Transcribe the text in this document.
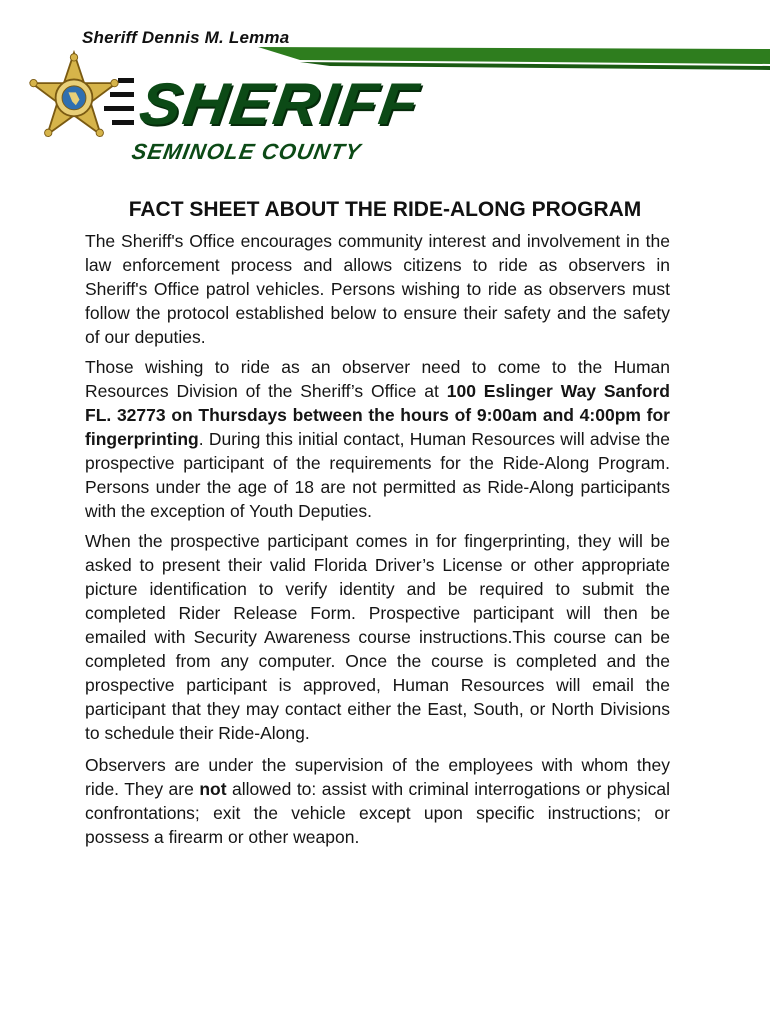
Sheriff Dennis M. Lemma
SHERIFF
SEMINOLE COUNTY
FACT SHEET ABOUT THE RIDE-ALONG PROGRAM

The Sheriff's Office encourages community interest and involvement in the law enforcement process and allows citizens to ride as observers in Sheriff's Office patrol vehicles. Persons wishing to ride as observers must follow the protocol established below to ensure their safety and the safety of our deputies.

Those wishing to ride as an observer need to come to the Human Resources Division of the Sheriff’s Office at 100 Eslinger Way Sanford FL. 32773 on Thursdays between the hours of 9:00am and 4:00pm for fingerprinting. During this initial contact, Human Resources will advise the prospective participant of the requirements for the Ride-Along Program. Persons under the age of 18 are not permitted as Ride-Along participants with the exception of Youth Deputies.

When the prospective participant comes in for fingerprinting, they will be asked to present their valid Florida Driver’s License or other appropriate picture identification to verify identity and be required to submit the completed Rider Release Form. Prospective participant will then be emailed with Security Awareness course instructions.This course can be completed from any computer. Once the course is completed and the prospective participant is approved, Human Resources will email the participant that they may contact either the East, South, or North Divisions to schedule their Ride-Along.

Observers are under the supervision of the employees with whom they ride. They are not allowed to: assist with criminal interrogations or physical confrontations; exit the vehicle except upon specific instructions; or possess a firearm or other weapon.
